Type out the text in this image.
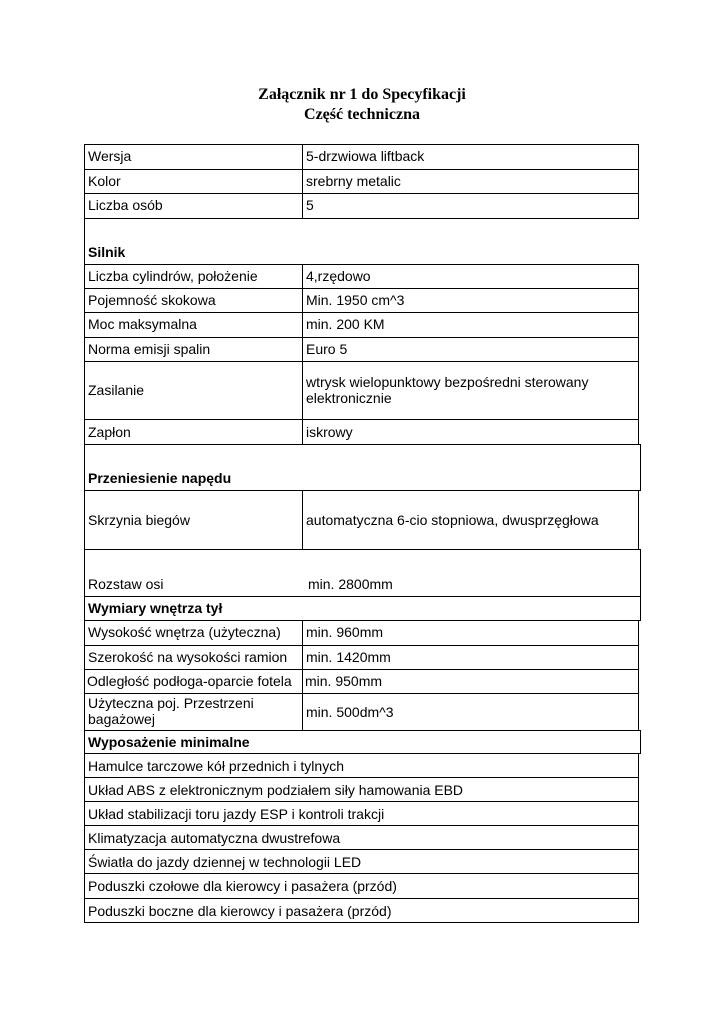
Załącznik nr 1 do Specyfikacji
Część techniczna
Wersja	5-drzwiowa liftback
Kolor	srebrny metalic
Liczba osób	5
Silnik
Liczba cylindrów, położenie	4,rzędowo
Pojemność skokowa	Min. 1950 cm^3
Moc maksymalna	min. 200 KM
Norma emisji spalin	Euro 5
Zasilanie	wtrysk wielopunktowy bezpośredni sterowany elektronicznie
Zapłon	iskrowy
Przeniesienie napędu
Skrzynia biegów	automatyczna 6-cio stopniowa, dwusprzęgłowa
Rozstaw osi	min. 2800mm
Wymiary wnętrza tył
Wysokość wnętrza (użyteczna)	min. 960mm
Szerokość na wysokości ramion	min. 1420mm
Odległość podłoga-oparcie fotela min. 950mm
Użyteczna poj. Przestrzeni bagażowej	min. 500dm^3
Wyposażenie minimalne
Hamulce tarczowe kół przednich i tylnych
Układ ABS z elektronicznym podziałem siły hamowania EBD
Układ stabilizacji toru jazdy ESP i kontroli trakcji
Klimatyzacja automatyczna dwustrefowa
Światła do jazdy dziennej w technologii LED
Poduszki czołowe dla kierowcy i pasażera (przód)
Poduszki boczne dla kierowcy i pasażera (przód)
